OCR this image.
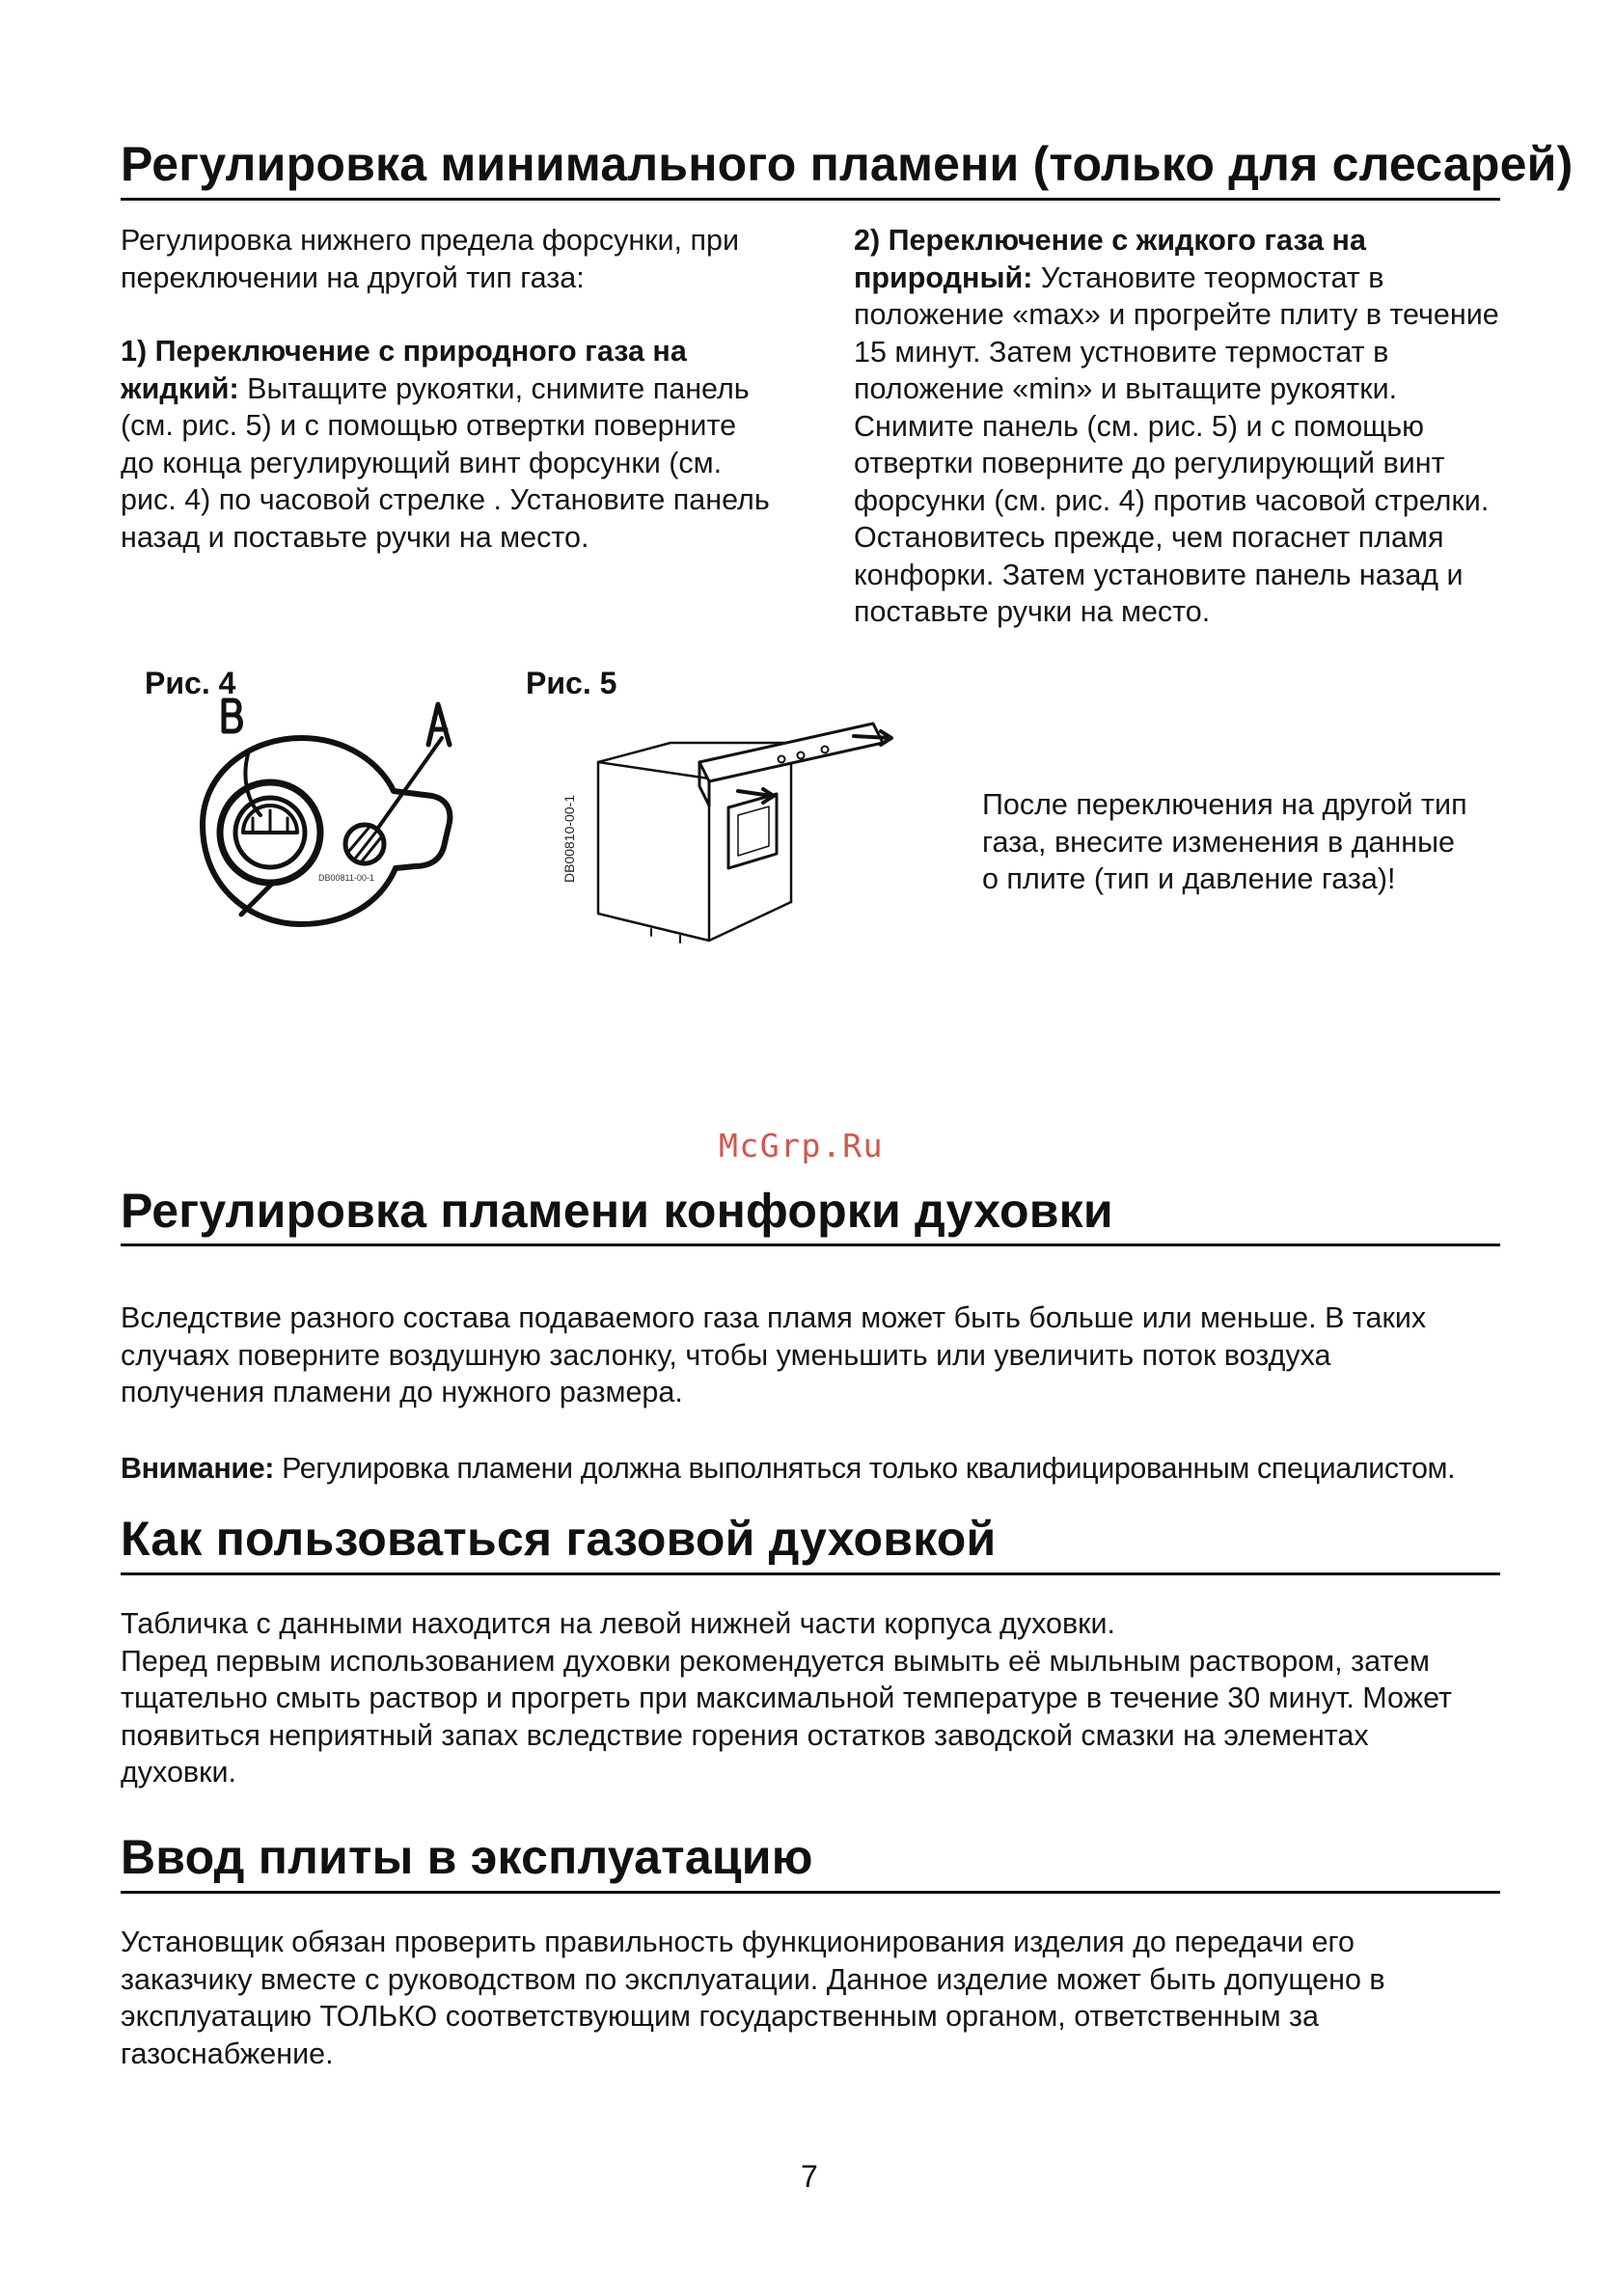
Регулировка минимального пламени (только для слесарей)

Регулировка нижнего предела форсунки, при

переключении на другой тип газа:

1) Переключение с природного газа на

жидкий: Вытащите рукоятки, снимите панель

(см. рис. 5) и с помощью отвертки поверните

до конца регулирующий винт форсунки (см.

рис. 4) по часовой стрелке . Установите панель

назад и поставьте ручки на место.

2) Переключение с жидкого газа на

природный: Установите теормостат в

положение «max» и прогрейте плиту в течение

15 минут. Затем устновите термостат в

положение «min» и вытащите рукоятки.

Снимите панель (см. рис. 5) и с помощью

отвертки поверните до регулирующий винт

форсунки (см. рис. 4) против часовой стрелки.

Остановитесь прежде, чем погаснет пламя

конфорки. Затем установите панель назад и

поставьте ручки на место.

Рис. 4
DB00811-00-1
Рис. 5
DB00810-00-1	После переключения на другой тип

газа, внесите изменения в данные

о плите (тип и давление газа)!

McGrp.Ru
Регулировка пламени конфорки духовки

Вследствие разного состава подаваемого газа пламя может быть больше или меньше. В таких

случаях поверните воздушную заслонку, чтобы уменьшить или увеличить поток воздуха

получения пламени до нужного размера.

Внимание: Регулировка пламени должна выполняться только квалифицированным специалистом.

Как пользоваться газовой духовкой

Табличка с данными находится на левой нижней части корпуса духовки.

Перед первым использованием духовки рекомендуется вымыть её мыльным раствором, затем

тщательно смыть раствор и прогреть при максимальной температуре в течение 30 минут. Может

появиться неприятный запах вследствие горения остатков заводской смазки на элементах

духовки.

Ввод плиты в эксплуатацию

Установщик обязан проверить правильность функционирования изделия до передачи его

заказчику вместе с руководством по эксплуатации. Данное изделие может быть допущено в

эксплуатацию ТОЛЬКО соответствующим государственным органом, ответственным за

газоснабжение.

7
